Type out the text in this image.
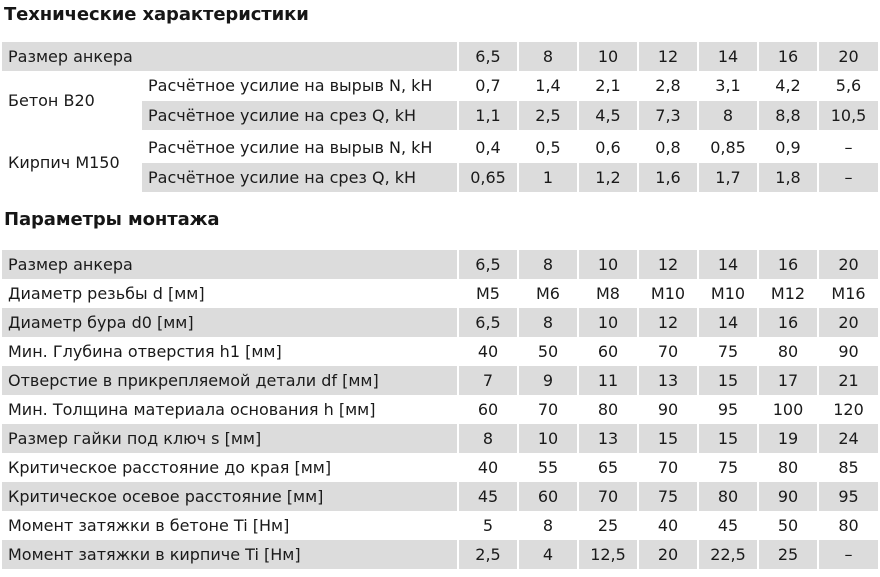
Технические характеристики
Размер анкера		6,5	8	10	12	14	16	20
Бетон В20	Расчётное усилие на вырыв N, kH	0,7	1,4	2,1	2,8	3,1	4,2	5,6
	Расчётное усилие на срез Q, kH	1,1	2,5	4,5	7,3	8	8,8	10,5
Кирпич М150	Расчётное усилие на вырыв N, kH	0,4	0,5	0,6	0,8	0,85	0,9	–
	Расчётное усилие на срез Q, kH	0,65	1	1,2	1,6	1,7	1,8	–
Параметры монтажа
Размер анкера	6,5	8	10	12	14	16	20
Диаметр резьбы d [мм]	M5	M6	M8	M10	M10	M12	M16
Диаметр бура d0 [мм]	6,5	8	10	12	14	16	20
Мин. Глубина отверстия h1 [мм]	40	50	60	70	75	80	90
Отверстие в прикрепляемой детали df [мм]	7	9	11	13	15	17	21
Мин. Толщина материала основания h [мм]	60	70	80	90	95	100	120
Размер гайки под ключ s [мм]	8	10	13	15	15	19	24
Критическое расстояние до края [мм]	40	55	65	70	75	80	85
Критическое осевое расстояние [мм]	45	60	70	75	80	90	95
Момент затяжки в бетоне Ti [Нм]	5	8	25	40	45	50	80
Момент затяжки в кирпиче Ti [Нм]	2,5	4	12,5	20	22,5	25	–
